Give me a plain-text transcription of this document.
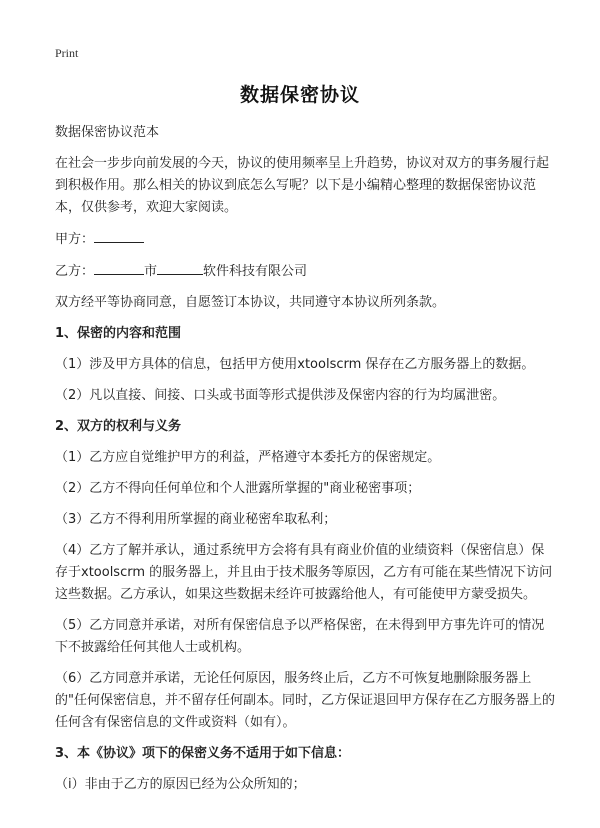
Print
数据保密协议

数据保密协议范本

在社会一步步向前发展的今天，协议的使用频率呈上升趋势，协议对双方的事务履行起到积极作用。那么相关的协议到底怎么写呢？以下是小编精心整理的数据保密协议范本，仅供参考，欢迎大家阅读。

甲方：

乙方：	市	软件科技有限公司

双方经平等协商同意，自愿签订本协议，共同遵守本协议所列条款。

1、保密的内容和范围

（1）涉及甲方具体的信息，包括甲方使用xtoolscrm 保存在乙方服务器上的数据。

（2）凡以直接、间接、口头或书面等形式提供涉及保密内容的行为均属泄密。

2、双方的权利与义务

（1）乙方应自觉维护甲方的利益，严格遵守本委托方的保密规定。

（2）乙方不得向任何单位和个人泄露所掌握的"商业秘密事项；

（3）乙方不得利用所掌握的商业秘密牟取私利；

（4）乙方了解并承认，通过系统甲方会将有具有商业价值的业绩资料（保密信息）保存于xtoolscrm 的服务器上，并且由于技术服务等原因，乙方有可能在某些情况下访问这些数据。乙方承认，如果这些数据未经许可披露给他人，有可能使甲方蒙受损失。

（5）乙方同意并承诺，对所有保密信息予以严格保密，在未得到甲方事先许可的情况下不披露给任何其他人士或机构。

（6）乙方同意并承诺，无论任何原因，服务终止后，乙方不可恢复地删除服务器上的"任何保密信息，并不留存任何副本。同时，乙方保证退回甲方保存在乙方服务器上的任何含有保密信息的文件或资料（如有）。

3、本《协议》项下的保密义务不适用于如下信息：

（i）非由于乙方的原因已经为公众所知的；
